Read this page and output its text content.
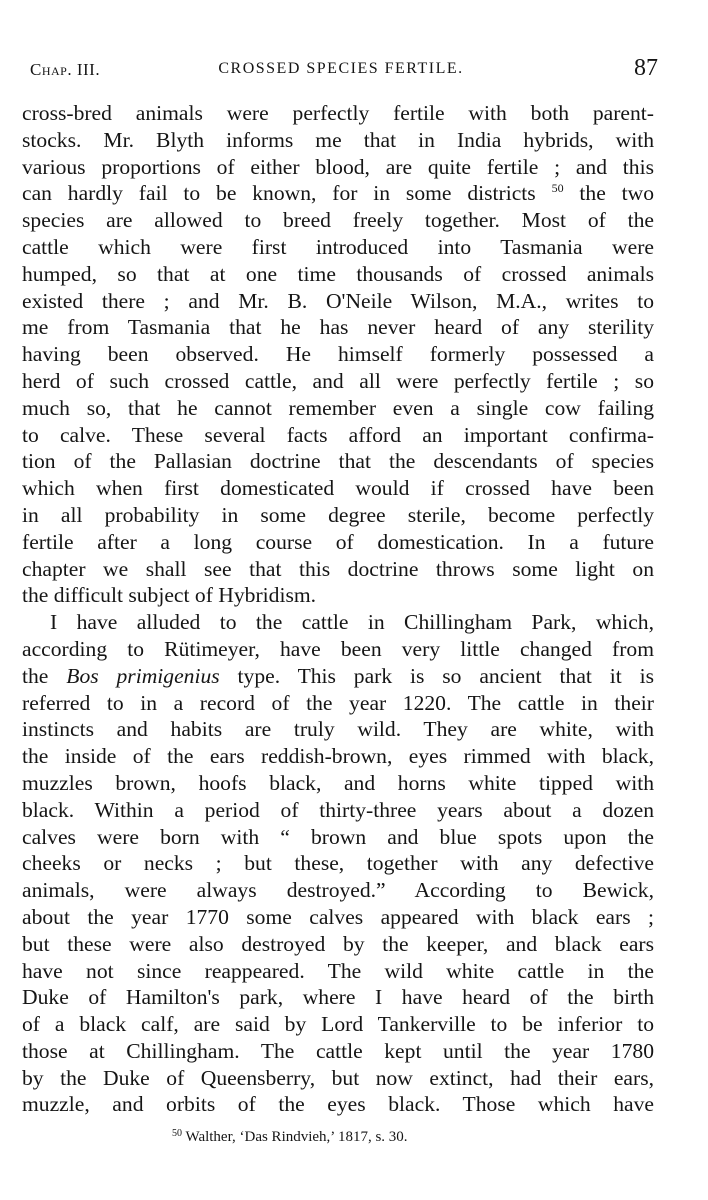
Chap. III.	CROSSED SPECIES FERTILE.	87
cross-bred animals were perfectly fertile with both parent-
stocks. Mr. Blyth informs me that in India hybrids, with
various proportions of either blood, are quite fertile ; and this
can hardly fail to be known, for in some districts $^{50}$ the two
species are allowed to breed freely together. Most of the
cattle which were first introduced into Tasmania were
humped, so that at one time thousands of crossed animals
existed there ; and Mr. B. O'Neile Wilson, M.A., writes to
me from Tasmania that he has never heard of any sterility
having been observed. He himself formerly possessed a
herd of such crossed cattle, and all were perfectly fertile ; so
much so, that he cannot remember even a single cow failing
to calve. These several facts afford an important confirma-
tion of the Pallasian doctrine that the descendants of species
which when first domesticated would if crossed have been
in all probability in some degree sterile, become perfectly
fertile after a long course of domestication. In a future
chapter we shall see that this doctrine throws some light on
the difficult subject of Hybridism.
I have alluded to the cattle in Chillingham Park, which,
according to Rütimeyer, have been very little changed from
the Bos primigenius type. This park is so ancient that it is
referred to in a record of the year 1220. The cattle in their
instincts and habits are truly wild. They are white, with
the inside of the ears reddish-brown, eyes rimmed with black,
muzzles brown, hoofs black, and horns white tipped with
black. Within a period of thirty-three years about a dozen
calves were born with “ brown and blue spots upon the
cheeks or necks ; but these, together with any defective
animals, were always destroyed.” According to Bewick,
about the year 1770 some calves appeared with black ears ;
but these were also destroyed by the keeper, and black ears
have not since reappeared. The wild white cattle in the
Duke of Hamilton's park, where I have heard of the birth
of a black calf, are said by Lord Tankerville to be inferior to
those at Chillingham. The cattle kept until the year 1780
by the Duke of Queensberry, but now extinct, had their ears,
muzzle, and orbits of the eyes black. Those which have
$^{50}$ Walther, ‘Das Rindvieh,’ 1817, s. 30.
